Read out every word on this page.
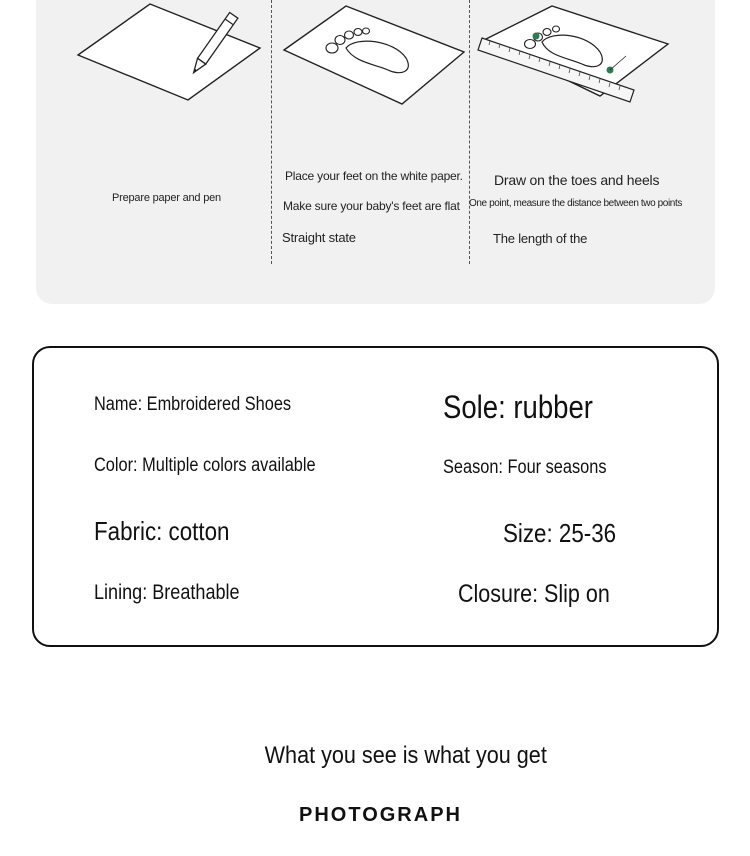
Prepare paper and pen
Place your feet on the white paper.
Make sure your baby's feet are flat
Straight state
Draw on the toes and heels
One point, measure the distance between two points
The length of the
Name: Embroidered Shoes	Sole: rubber
Color: Multiple colors available	Season: Four seasons
Fabric: cotton	Size: 25-36
Lining: Breathable	Closure: Slip on
What you see is what you get
PHOTOGRAPH
